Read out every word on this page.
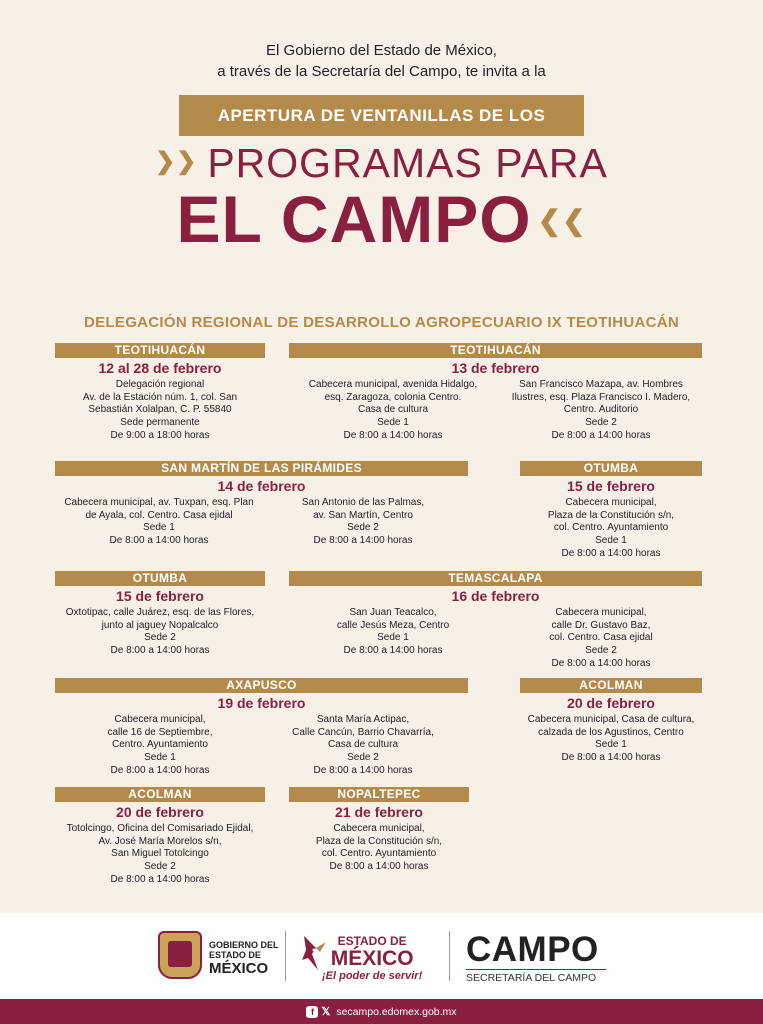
El Gobierno del Estado de México,
a través de la Secretaría del Campo, te invita a la
APERTURA DE VENTANILLAS DE LOS
❯❯ PROGRAMAS PARA
EL CAMPO ❮❮
DELEGACIÓN REGIONAL DE DESARROLLO AGROPECUARIO IX TEOTIHUACÁN
TEOTIHUACÁN
12 al 28 de febrero
Delegación regional
Av. de la Estación núm. 1, col. San
Sebastián Xolalpan, C. P. 55840
Sede permanente
De 9:00 a 18:00 horas
TEOTIHUACÁN
13 de febrero
Cabecera municipal, avenida Hidalgo,
esq. Zaragoza, colonia Centro.
Casa de cultura
Sede 1
De 8:00 a 14:00 horas
San Francisco Mazapa, av. Hombres
Ilustres, esq. Plaza Francisco I. Madero,
Centro. Auditorio
Sede 2
De 8:00 a 14:00 horas
SAN MARTÍN DE LAS PIRÁMIDES
14 de febrero
Cabecera municipal, av. Tuxpan, esq. Plan
de Ayala, col. Centro. Casa ejidal
Sede 1
De 8:00 a 14:00 horas
San Antonio de las Palmas,
av. San Martín, Centro
Sede 2
De 8:00 a 14:00 horas
OTUMBA
15 de febrero
Cabecera municipal,
Plaza de la Constitución s/n,
col. Centro. Ayuntamiento
Sede 1
De 8:00 a 14:00 horas
OTUMBA
15 de febrero
Oxtotipac, calle Juárez, esq. de las Flores,
junto al jaguey Nopalcalco
Sede 2
De 8:00 a 14:00 horas
TEMASCALAPA
16 de febrero
San Juan Teacalco,
calle Jesús Meza, Centro
Sede 1
De 8:00 a 14:00 horas
Cabecera municipal,
calle Dr. Gustavo Baz,
col. Centro. Casa ejidal
Sede 2
De 8:00 a 14:00 horas
AXAPUSCO
19 de febrero
Cabecera municipal,
calle 16 de Septiembre,
Centro. Ayuntamiento
Sede 1
De 8:00 a 14:00 horas
Santa María Actipac,
Calle Cancún, Barrio Chavarría,
Casa de cultura
Sede 2
De 8:00 a 14:00 horas
ACOLMAN
20 de febrero
Cabecera municipal, Casa de cultura,
calzada de los Agustinos, Centro
Sede 1
De 8:00 a 14:00 horas
ACOLMAN
20 de febrero
Totolcingo, Oficina del Comisariado Ejidal,
Av. José María Morelos s/n,
San Miguel Totolcingo
Sede 2
De 8:00 a 14:00 horas
NOPALTEPEC
21 de febrero
Cabecera municipal,
Plaza de la Constitución s/n,
col. Centro. Ayuntamiento
De 8:00 a 14:00 horas
GOBIERNO DEL
ESTADO DE
MÉXICO
ESTADO DE
MÉXICO
¡El poder de servir!
CAMPO
SECRETARÍA DEL CAMPO
f 𝕏 secampo.edomex.gob.mx
